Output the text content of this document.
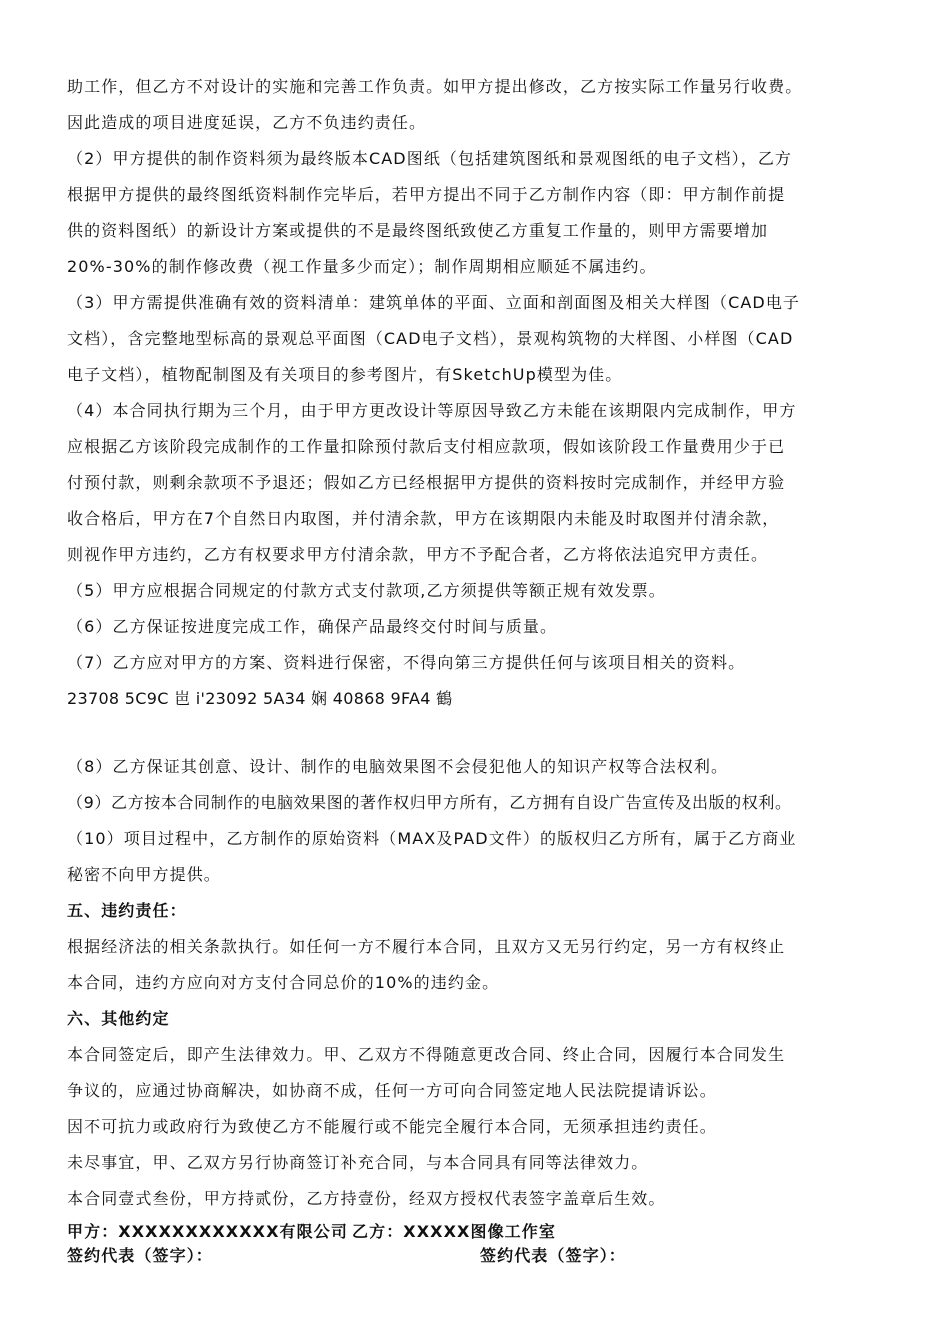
助工作，但乙方不对设计的实施和完善工作负责。如甲方提出修改，乙方按实际工作量另行收费。
因此造成的项目进度延误，乙方不负违约责任。
（2）甲方提供的制作资料须为最终版本CAD图纸（包括建筑图纸和景观图纸的电子文档），乙方
根据甲方提供的最终图纸资料制作完毕后，若甲方提出不同于乙方制作内容（即：甲方制作前提
供的资料图纸）的新设计方案或提供的不是最终图纸致使乙方重复工作量的，则甲方需要增加
20%-30%的制作修改费（视工作量多少而定）；制作周期相应顺延不属违约。
（3）甲方需提供准确有效的资料清单：建筑单体的平面、立面和剖面图及相关大样图（CAD电子
文档），含完整地型标高的景观总平面图（CAD电子文档），景观构筑物的大样图、小样图（CAD
电子文档），植物配制图及有关项目的参考图片，有SketchUp模型为佳。
（4）本合同执行期为三个月，由于甲方更改设计等原因导致乙方未能在该期限内完成制作，甲方
应根据乙方该阶段完成制作的工作量扣除预付款后支付相应款项，假如该阶段工作量费用少于已
付预付款，则剩余款项不予退还；假如乙方已经根据甲方提供的资料按时完成制作，并经甲方验
收合格后，甲方在7个自然日内取图，并付清余款，甲方在该期限内未能及时取图并付清余款，
则视作甲方违约，乙方有权要求甲方付清余款，甲方不予配合者，乙方将依法追究甲方责任。
（5）甲方应根据合同规定的付款方式支付款项,乙方须提供等额正规有效发票。
（6）乙方保证按进度完成工作，确保产品最终交付时间与质量。
（7）乙方应对甲方的方案、资料进行保密，不得向第三方提供任何与该项目相关的资料。
23708 5C9C 岜 i'23092 5A34 娴 40868 9FA4 鶴
（8）乙方保证其创意、设计、制作的电脑效果图不会侵犯他人的知识产权等合法权利。
（9）乙方按本合同制作的电脑效果图的著作权归甲方所有，乙方拥有自设广告宣传及出版的权利。
（10）项目过程中，乙方制作的原始资料（MAX及PAD文件）的版权归乙方所有，属于乙方商业
秘密不向甲方提供。
五、违约责任：
根据经济法的相关条款执行。如任何一方不履行本合同，且双方又无另行约定，另一方有权终止
本合同，违约方应向对方支付合同总价的10%的违约金。
六、其他约定
本合同签定后，即产生法律效力。甲、乙双方不得随意更改合同、终止合同，因履行本合同发生
争议的，应通过协商解决，如协商不成，任何一方可向合同签定地人民法院提请诉讼。
因不可抗力或政府行为致使乙方不能履行或不能完全履行本合同，无须承担违约责任。
未尽事宜，甲、乙双方另行协商签订补充合同，与本合同具有同等法律效力。
本合同壹式叁份，甲方持贰份，乙方持壹份，经双方授权代表签字盖章后生效。
甲方：XXXXXXXXXXXX有限公司 乙方：XXXXX图像工作室
签约代表（签字）：	签约代表（签字）：
